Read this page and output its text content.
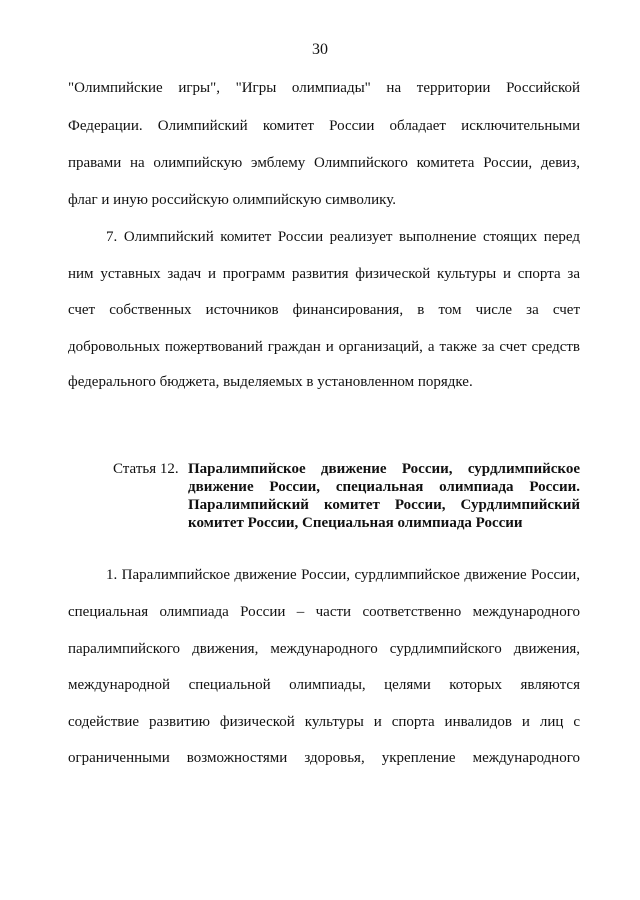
30
"Олимпийские игры", "Игры олимпиады" на территории Российской
Федерации. Олимпийский комитет России обладает исключительными
правами на олимпийскую эмблему Олимпийского комитета России, девиз,
флаг и иную российскую олимпийскую символику.
7. Олимпийский комитет России реализует выполнение стоящих перед
ним уставных задач и программ развития физической культуры и спорта за
счет собственных источников финансирования, в том числе за счет
добровольных пожертвований граждан и организаций, а также за счет средств
федерального бюджета, выделяемых в установленном порядке.
Статья 12. Паралимпийское движение России, сурдлимпийское
движение России, специальная олимпиада России.
Паралимпийский комитет России, Сурдлимпийский
комитет России, Специальная олимпиада России
1. Паралимпийское движение России, сурдлимпийское движение России,
специальная олимпиада России – части соответственно международного
паралимпийского движения, международного сурдлимпийского движения,
международной специальной олимпиады, целями которых являются
содействие развитию физической культуры и спорта инвалидов и лиц с
ограниченными возможностями здоровья, укрепление международного
